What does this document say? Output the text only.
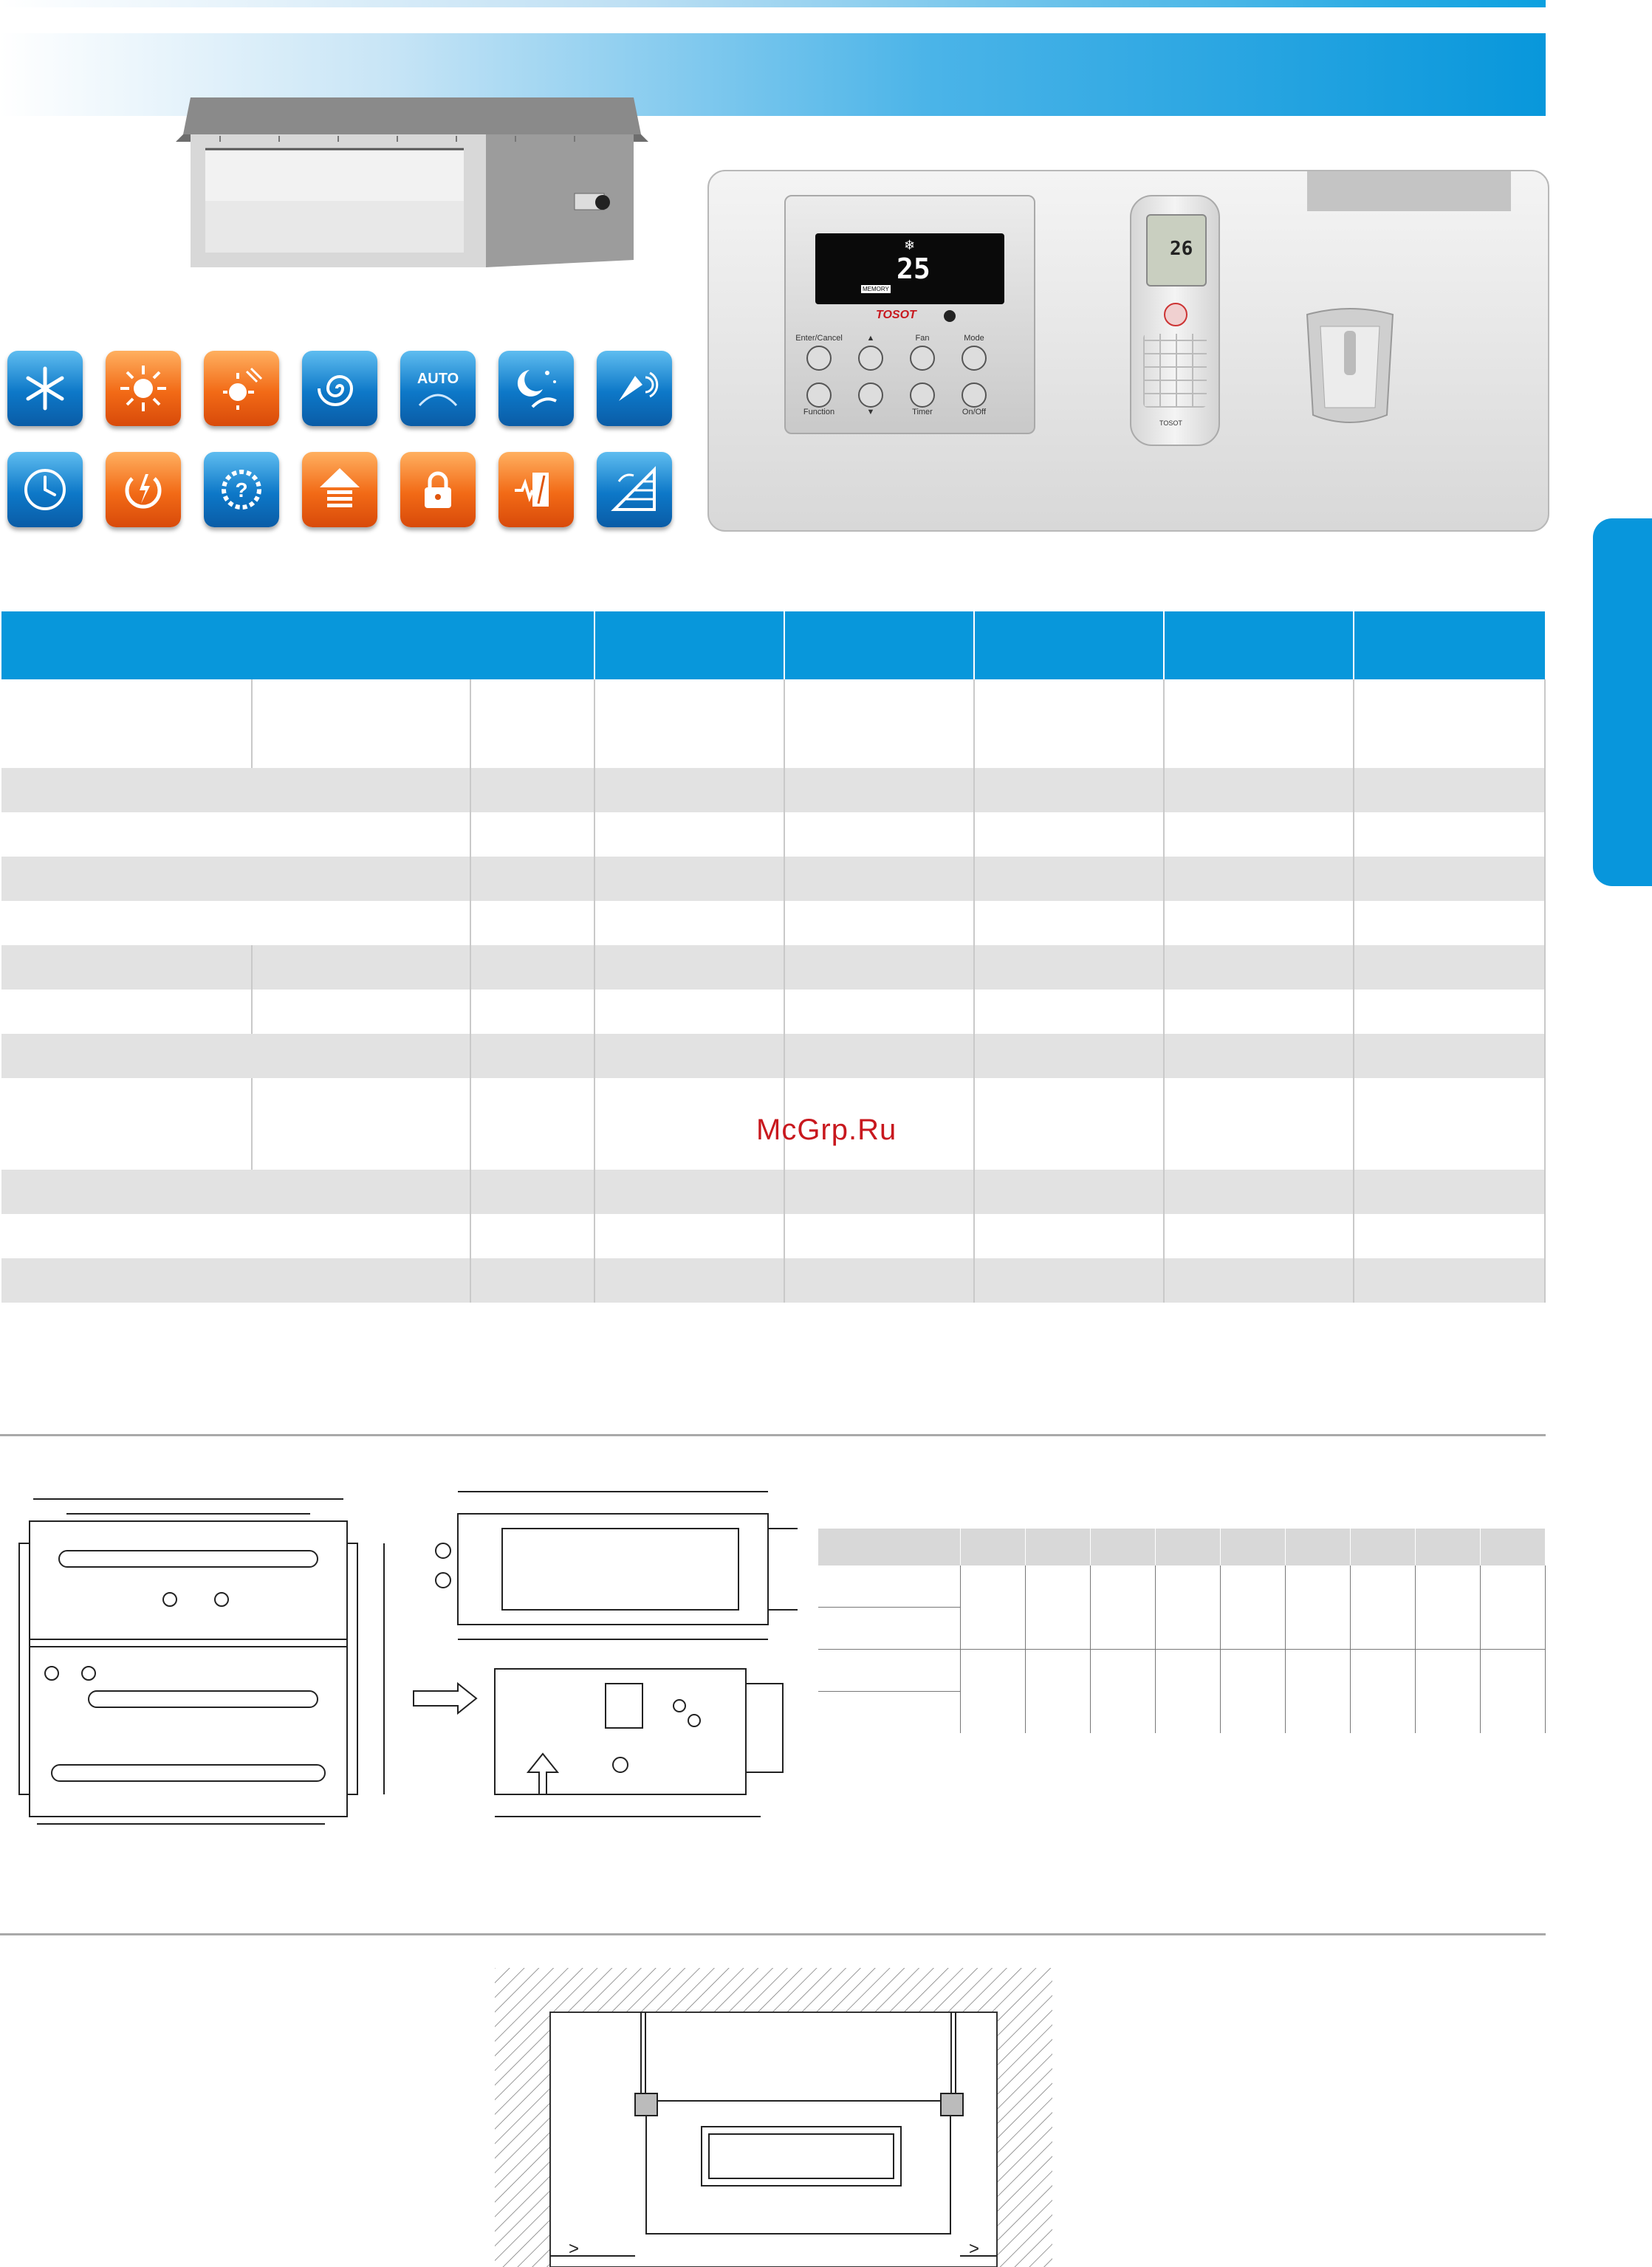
AUTO
?
❄
25
MEMORY
TOSOT
Enter/Cancel	▲	Fan	Mode
Function	▼	Timer	On/Off
26
TOSOT

McGrp.Ru

>	>
